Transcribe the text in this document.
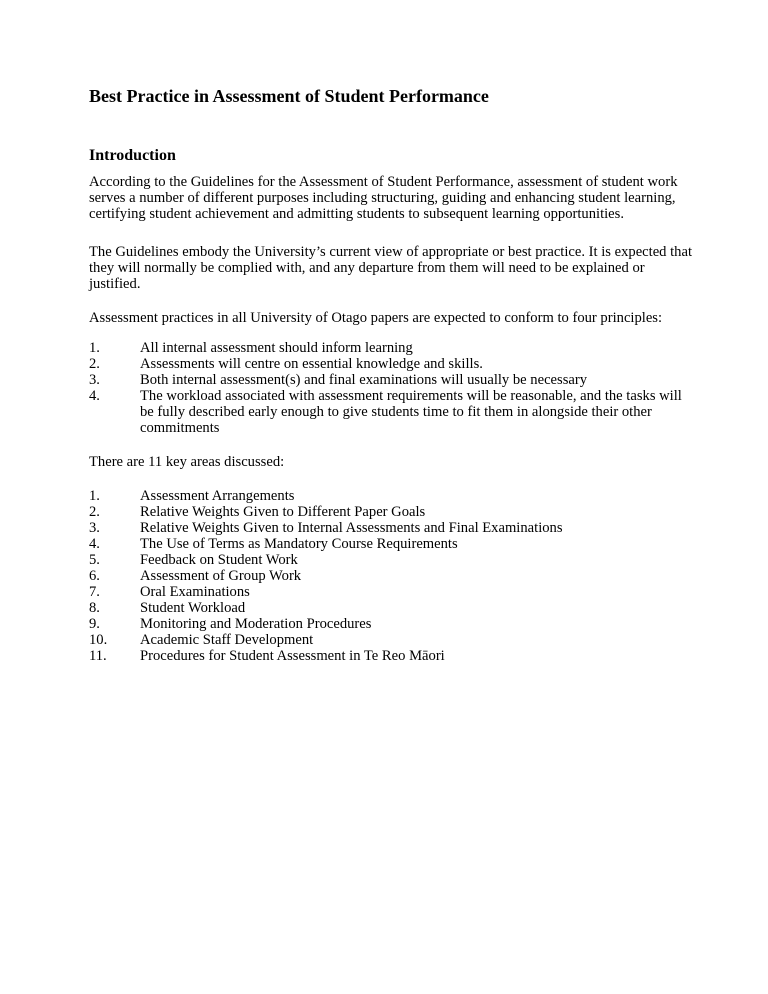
Best Practice in Assessment of Student Performance
Introduction

According to the Guidelines for the Assessment of Student Performance, assessment of student work serves a number of different purposes including structuring, guiding and enhancing student learning, certifying student achievement and admitting students to subsequent learning opportunities.

The Guidelines embody the University’s current view of appropriate or best practice. It is expected that they will normally be complied with, and any departure from them will need to be explained or justified.

Assessment practices in all University of Otago papers are expected to conform to four principles:

1.	All internal assessment should inform learning
2.	Assessments will centre on essential knowledge and skills.
3.	Both internal assessment(s) and final examinations will usually be necessary
4.	The workload associated with assessment requirements will be reasonable, and the tasks will be fully described early enough to give students time to fit them in alongside their other commitments

There are 11 key areas discussed:

1.	Assessment Arrangements
2.	Relative Weights Given to Different Paper Goals
3.	Relative Weights Given to Internal Assessments and Final Examinations
4.	The Use of Terms as Mandatory Course Requirements
5.	Feedback on Student Work
6.	Assessment of Group Work
7.	Oral Examinations
8.	Student Workload
9.	Monitoring and Moderation Procedures
10.	Academic Staff Development
11.	Procedures for Student Assessment in Te Reo Māori
